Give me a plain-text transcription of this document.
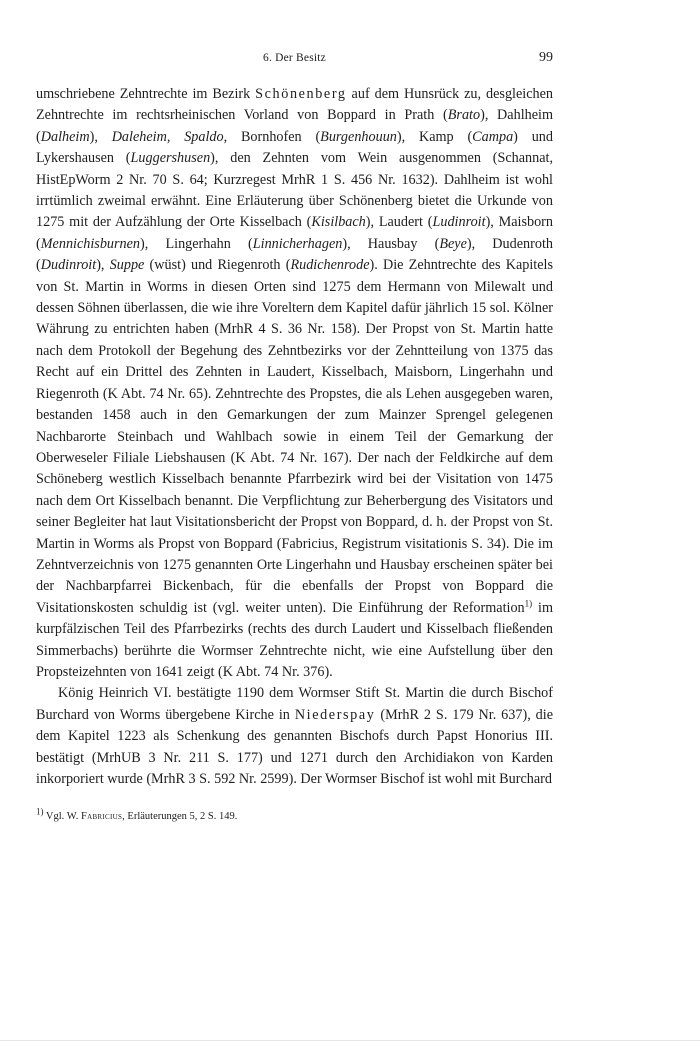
6. Der Besitz	99

umschriebene Zehntrechte im Bezirk Schönenberg auf dem Hunsrück zu, desgleichen Zehntrechte im rechtsrheinischen Vorland von Boppard in Prath (Brato), Dahlheim (Dalheim), Daleheim, Spaldo, Bornhofen (Burgenhouun), Kamp (Campa) und Lykershausen (Luggershusen), den Zehnten vom Wein ausgenommen (Schannat, HistEpWorm 2 Nr. 70 S. 64; Kurzregest MrhR 1 S. 456 Nr. 1632). Dahlheim ist wohl irrtümlich zweimal erwähnt. Eine Erläuterung über Schönenberg bietet die Urkunde von 1275 mit der Aufzählung der Orte Kisselbach (Kisilbach), Laudert (Ludinroit), Maisborn (Mennichisburnen), Lingerhahn (Linnicherhagen), Hausbay (Beye), Dudenroth (Dudinroit), Suppe (wüst) und Riegenroth (Rudichenrode). Die Zehntrechte des Kapitels von St. Martin in Worms in diesen Orten sind 1275 dem Hermann von Milewalt und dessen Söhnen überlassen, die wie ihre Voreltern dem Kapitel dafür jährlich 15 sol. Kölner Währung zu entrichten haben (MrhR 4 S. 36 Nr. 158). Der Propst von St. Martin hatte nach dem Protokoll der Begehung des Zehntbezirks vor der Zehntteilung von 1375 das Recht auf ein Drittel des Zehnten in Laudert, Kisselbach, Maisborn, Lingerhahn und Riegenroth (K Abt. 74 Nr. 65). Zehntrechte des Propstes, die als Lehen ausgegeben waren, bestanden 1458 auch in den Gemarkungen der zum Mainzer Sprengel gelegenen Nachbarorte Steinbach und Wahlbach sowie in einem Teil der Gemarkung der Oberweseler Filiale Liebshausen (K Abt. 74 Nr. 167). Der nach der Feldkirche auf dem Schöneberg westlich Kisselbach benannte Pfarrbezirk wird bei der Visitation von 1475 nach dem Ort Kisselbach benannt. Die Verpflichtung zur Beherbergung des Visitators und seiner Begleiter hat laut Visitationsbericht der Propst von Boppard, d. h. der Propst von St. Martin in Worms als Propst von Boppard (Fabricius, Registrum visitationis S. 34). Die im Zehntverzeichnis von 1275 genannten Orte Lingerhahn und Hausbay erscheinen später bei der Nachbarpfarrei Bickenbach, für die ebenfalls der Propst von Boppard die Visitationskosten schuldig ist (vgl. weiter unten). Die Einführung der Reformation$^{1)}$ im kurpfälzischen Teil des Pfarrbezirks (rechts des durch Laudert und Kisselbach fließenden Simmerbachs) berührte die Wormser Zehntrechte nicht, wie eine Aufstellung über den Propsteizehnten von 1641 zeigt (K Abt. 74 Nr. 376).

König Heinrich VI. bestätigte 1190 dem Wormser Stift St. Martin die durch Bischof Burchard von Worms übergebene Kirche in Niederspay (MrhR 2 S. 179 Nr. 637), die dem Kapitel 1223 als Schenkung des genannten Bischofs durch Papst Honorius III. bestätigt (MrhUB 3 Nr. 211 S. 177) und 1271 durch den Archidiakon von Karden inkorporiert wurde (MrhR 3 S. 592 Nr. 2599). Der Wormser Bischof ist wohl mit Burchard

1) Vgl. W. Fabricius, Erläuterungen 5, 2 S. 149.
